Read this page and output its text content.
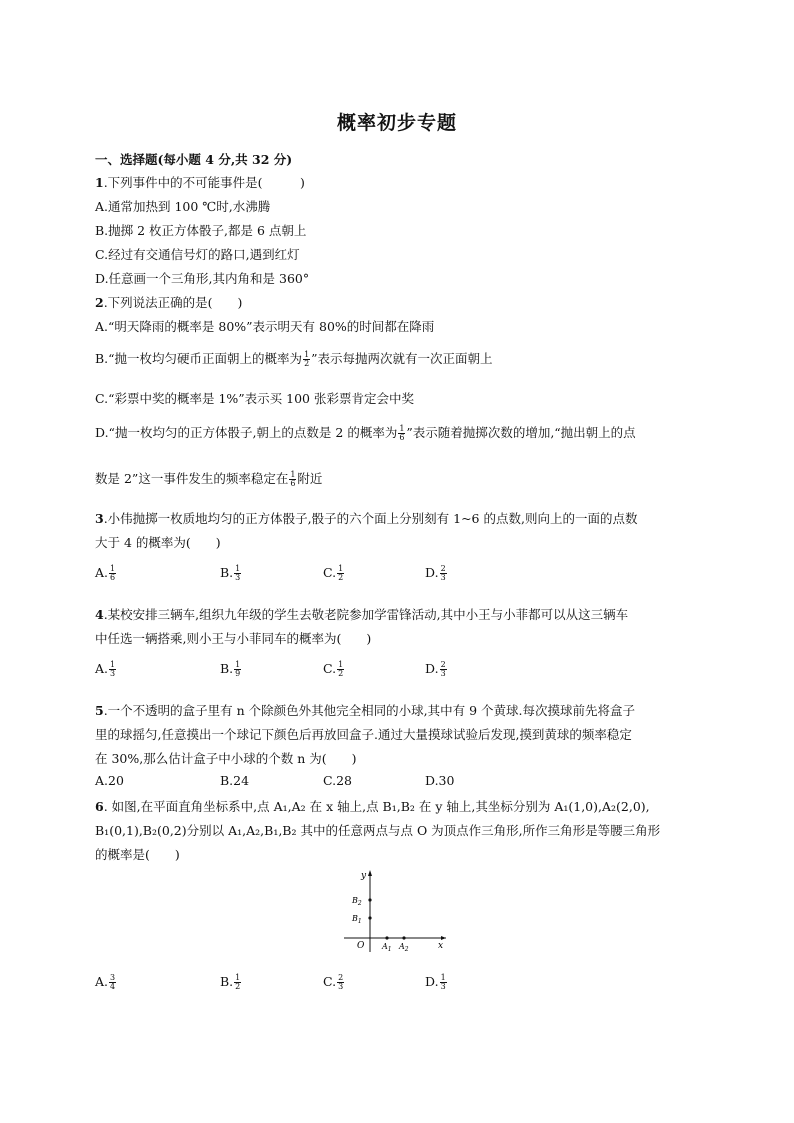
概率初步专题
一、选择题(每小题 4 分,共 32 分)
1.下列事件中的不可能事件是(　　　)
A.通常加热到 100 ℃时,水沸腾
B.抛掷 2 枚正方体骰子,都是 6 点朝上
C.经过有交通信号灯的路口,遇到红灯
D.任意画一个三角形,其内角和是 360°
2.下列说法正确的是(　　)
A.“明天降雨的概率是 80%”表示明天有 80%的时间都在降雨
B.“抛一枚均匀硬币正面朝上的概率为 $\frac{1}{2}$ ”表示每抛两次就有一次正面朝上
C.“彩票中奖的概率是 1%”表示买 100 张彩票肯定会中奖
D.“抛一枚均匀的正方体骰子,朝上的点数是 2 的概率为 $\frac{1}{6}$ ”表示随着抛掷次数的增加,“抛出朝上的点
数是 2”这一事件发生的频率稳定在 $\frac{1}{6}$ 附近
3.小伟抛掷一枚质地均匀的正方体骰子,骰子的六个面上分别刻有 1~6 的点数,则向上的一面的点数
大于 4 的概率为(　　)
A. $\frac{1}{6}$	B. $\frac{1}{3}$	C. $\frac{1}{2}$	D. $\frac{2}{3}$
4.某校安排三辆车,组织九年级的学生去敬老院参加学雷锋活动,其中小王与小菲都可以从这三辆车
中任选一辆搭乘,则小王与小菲同车的概率为(　　)
A. $\frac{1}{3}$	B. $\frac{1}{9}$	C. $\frac{1}{2}$	D. $\frac{2}{3}$
5.一个不透明的盒子里有 n 个除颜色外其他完全相同的小球,其中有 9 个黄球.每次摸球前先将盒子
里的球摇匀,任意摸出一个球记下颜色后再放回盒子.通过大量摸球试验后发现,摸到黄球的频率稳定
在 30%,那么估计盒子中小球的个数 n 为(　　)
A.20	B.24	C.28	D.30
6. 如图,在平面直角坐标系中,点 A₁,A₂ 在 x 轴上,点 B₁,B₂ 在 y 轴上,其坐标分别为 A₁(1,0),A₂(2,0),
B₁(0,1),B₂(0,2)分别以 A₁,A₂,B₁,B₂ 其中的任意两点与点 O 为顶点作三角形,所作三角形是等腰三角形
的概率是(　　)
y
x
O
$B_2$
$B_1$
$A_1$ $A_2$
A. $\frac{3}{4}$	B. $\frac{1}{2}$	C. $\frac{2}{3}$	D. $\frac{1}{3}$
